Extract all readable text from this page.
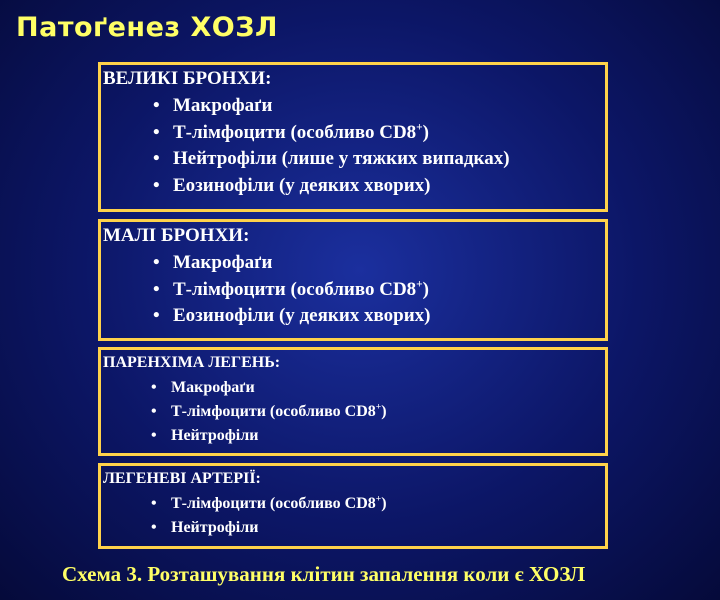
Патоґенез ХОЗЛ
ВЕЛИКІ БРОНХИ:
• Макрофаґи
• Т-лімфоцити (особливо CD8+)
• Нейтрофіли (лише у тяжких випадках)
• Еозинофіли (у деяких хворих)
МАЛІ БРОНХИ:
• Макрофаґи
• Т-лімфоцити (особливо CD8+)
• Еозинофіли (у деяких хворих)
ПАРЕНХІМА ЛЕГЕНЬ:
• Макрофаґи
• Т-лімфоцити (особливо CD8+)
• Нейтрофіли
ЛЕГЕНЕВІ АРТЕРІЇ:
• Т-лімфоцити (особливо CD8+)
• Нейтрофіли

Схема 3. Розташування клітин запалення коли є ХОЗЛ
